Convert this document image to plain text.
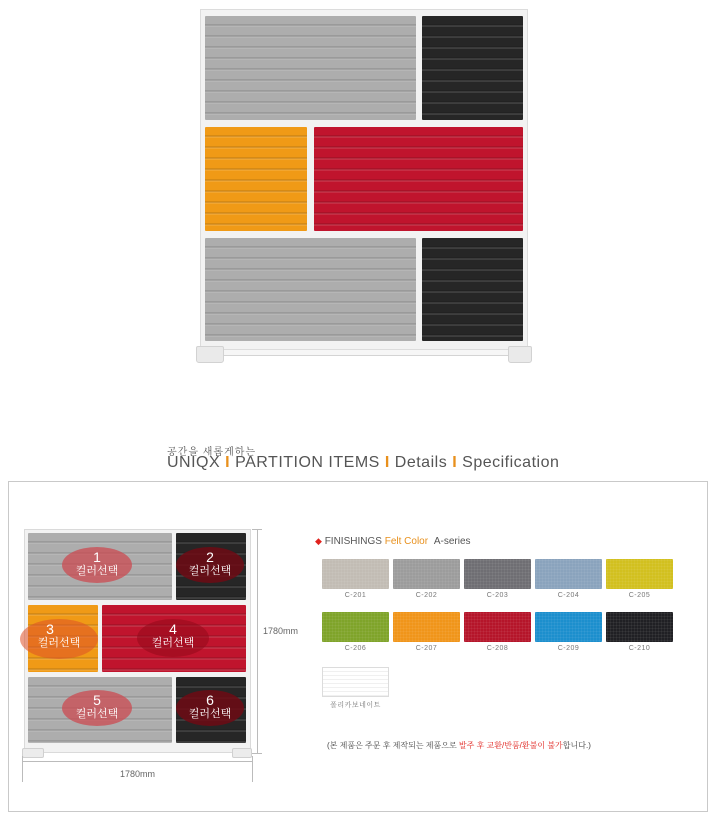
공간을 새롭게하는
UNIQX I PARTITION ITEMS I Details I Specification
1
컬러선택
2
컬러선택
3
컬러선택
4
컬러선택
5
컬러선택
6
컬러선택
1780mm
1780mm
◆ FINISHINGS Felt Color A-series
폴리카보네이트
(본 제품은 주문 후 제작되는 제품으로 발주 후 교환/반품/환불이 불가합니다.)
C-201	C-202	C-203	C-204	C-205
C-206	C-207	C-208	C-209	C-210
